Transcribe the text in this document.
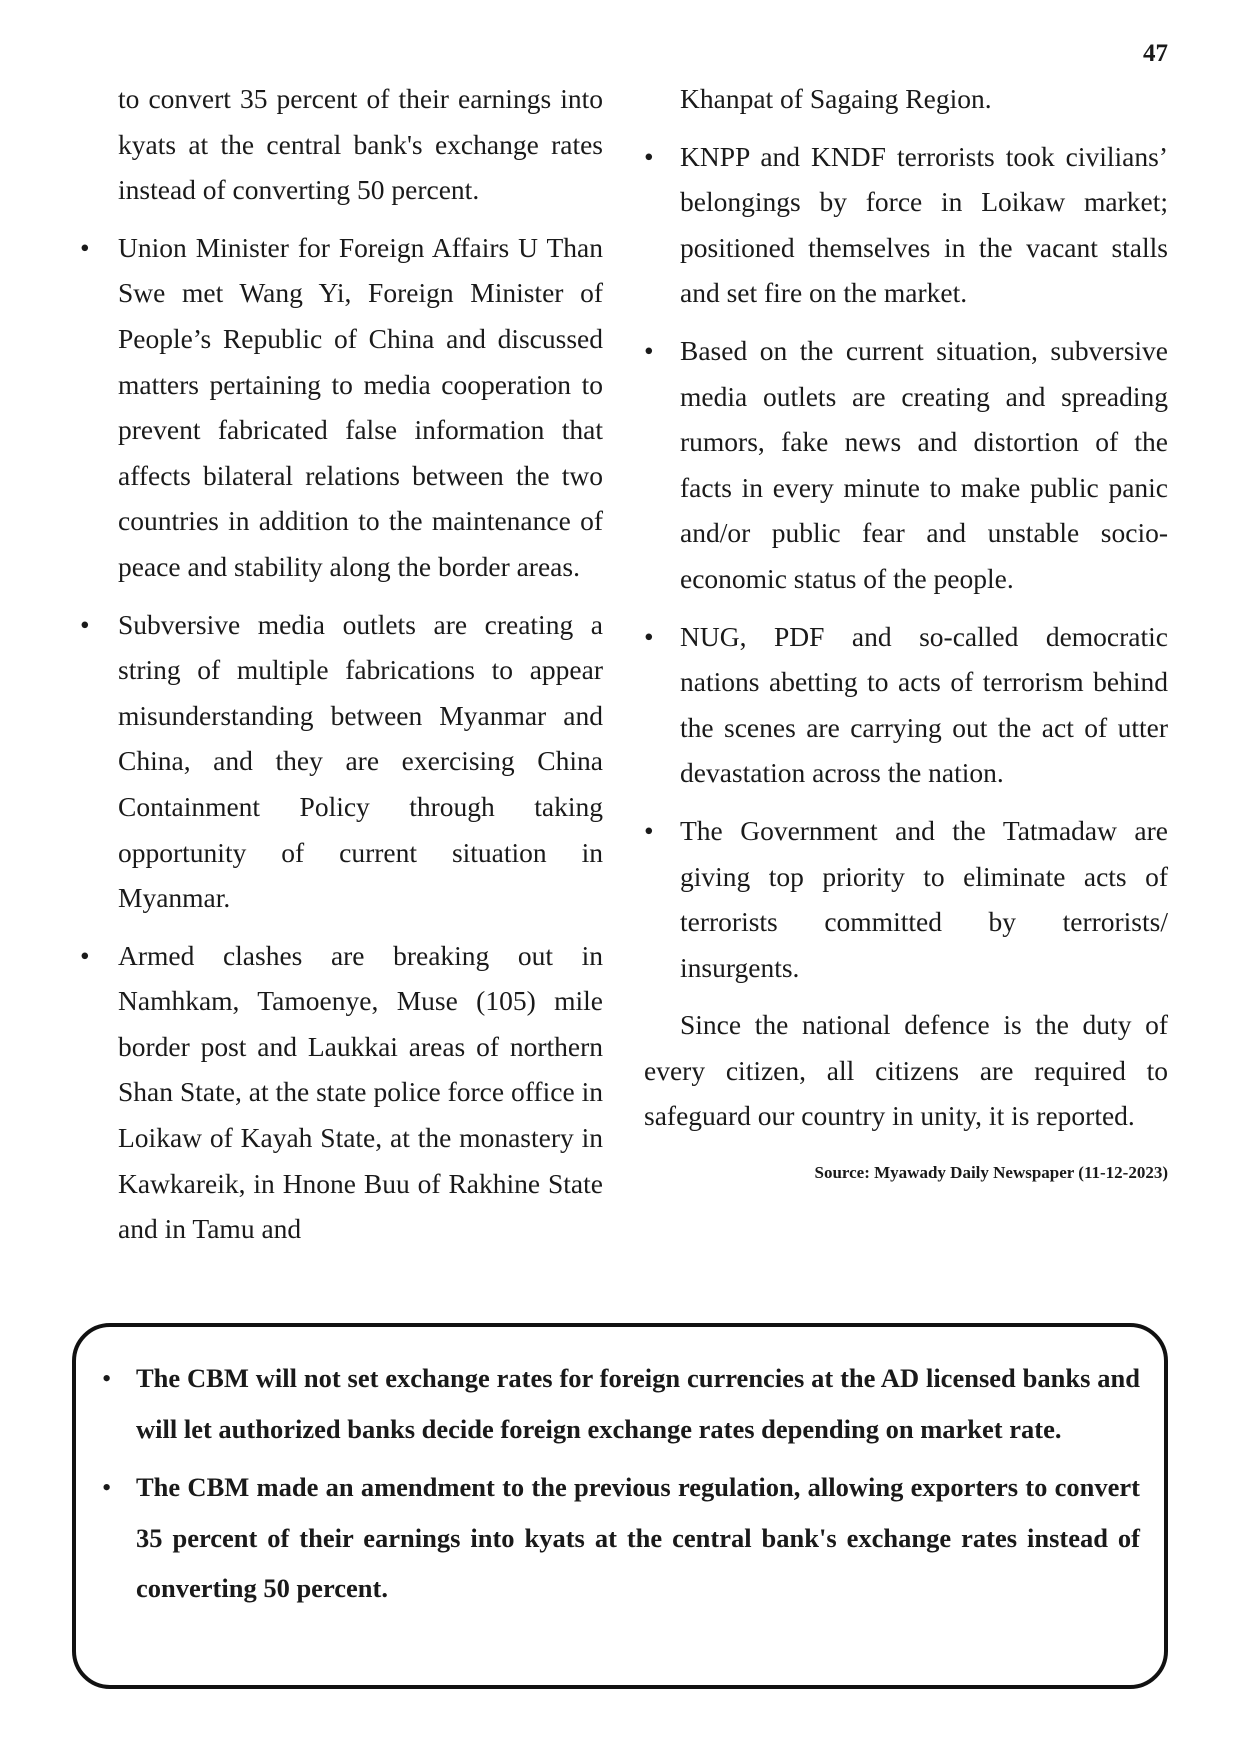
47

to convert 35 percent of their earnings into kyats at the central bank's exchange rates instead of converting 50 percent.

• Union Minister for Foreign Affairs U Than Swe met Wang Yi, Foreign Minister of People’s Republic of China and discussed matters pertaining to media cooperation to prevent fabricated false information that affects bilateral relations between the two countries in addition to the maintenance of peace and stability along the border areas.
• Subversive media outlets are creating a string of multiple fabrications to appear misunderstanding between Myanmar and China, and they are exercising China Containment Policy through taking opportunity of current situation in Myanmar.
• Armed clashes are breaking out in Namhkam, Tamoenye, Muse (105) mile border post and Laukkai areas of northern Shan State, at the state police force office in Loikaw of Kayah State, at the monastery in Kawkareik, in Hnone Buu of Rakhine State and in Tamu and

Khanpat of Sagaing Region.

• KNPP and KNDF terrorists took civilians’ belongings by force in Loikaw market; positioned themselves in the vacant stalls and set fire on the market.
• Based on the current situation, subversive media outlets are creating and spreading rumors, fake news and distortion of the facts in every minute to make public panic and/or public fear and unstable socio-economic status of the people.
• NUG, PDF and so-called democratic nations abetting to acts of terrorism behind the scenes are carrying out the act of utter devastation across the nation.
• The Government and the Tatmadaw are giving top priority to eliminate acts of terrorists committed by terrorists/ insurgents.

Since the national defence is the duty of every citizen, all citizens are required to safeguard our country in unity, it is reported.

Source: Myawady Daily Newspaper (11-12-2023)
• The CBM will not set exchange rates for foreign currencies at the AD licensed banks and will let authorized banks decide foreign exchange rates depending on market rate.
• The CBM made an amendment to the previous regulation, allowing exporters to convert 35 percent of their earnings into kyats at the central bank's exchange rates instead of converting 50 percent.
